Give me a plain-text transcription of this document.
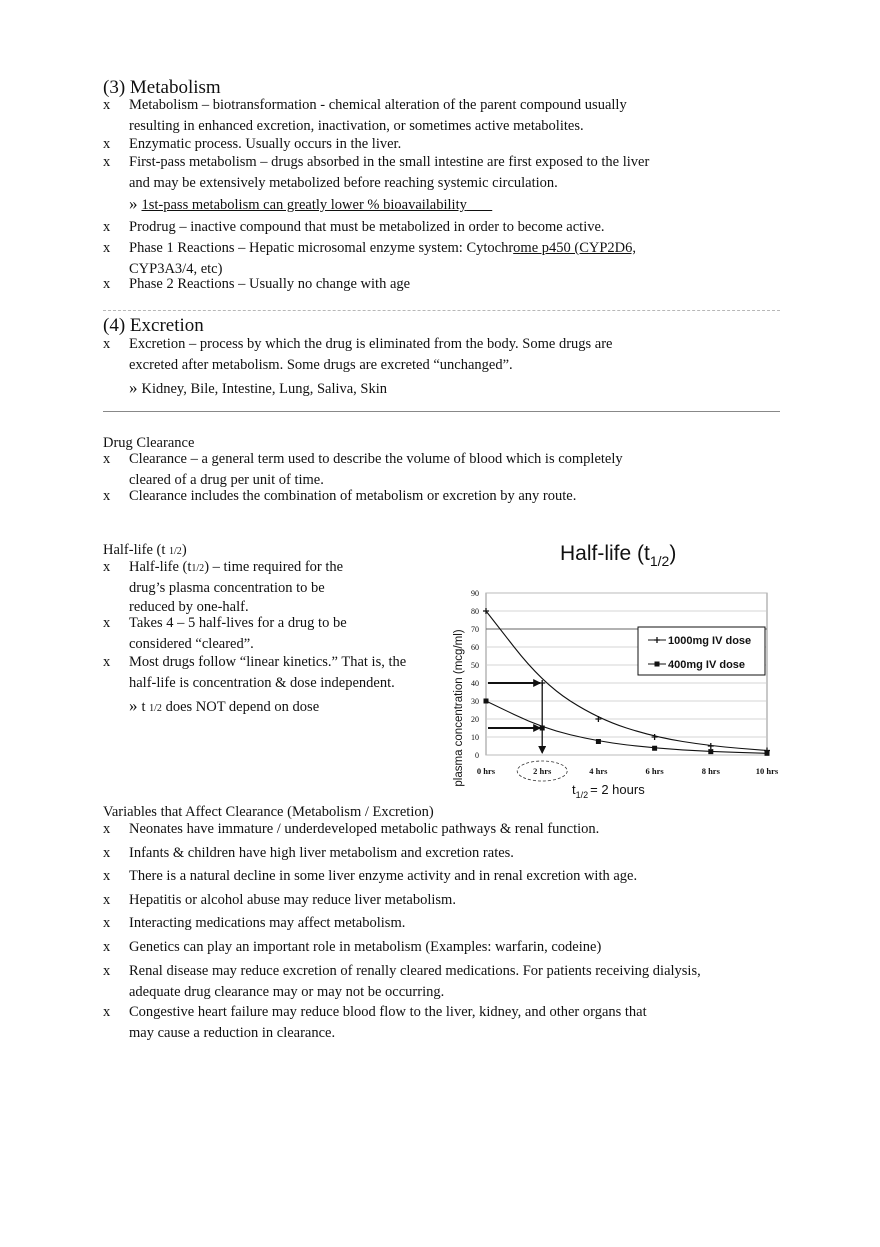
(3) Metabolism
x	Metabolism – biotransformation - chemical alteration of the parent compound usually
resulting in enhanced excretion, inactivation, or sometimes active metabolites.
x	Enzymatic process. Usually occurs in the liver.
x	First-pass metabolism – drugs absorbed in the small intestine are first exposed to the liver
and may be extensively metabolized before reaching systemic circulation.
» 1st-pass metabolism can greatly lower % bioavailability
x	Prodrug – inactive compound that must be metabolized in order to become active.
x	Phase 1 Reactions – Hepatic microsomal enzyme system: Cytochrome p450 (CYP2D6,
CYP3A3/4, etc)
x	Phase 2 Reactions – Usually no change with age
(4) Excretion
x	Excretion – process by which the drug is eliminated from the body. Some drugs are
excreted after metabolism. Some drugs are excreted “unchanged”.
» Kidney, Bile, Intestine, Lung, Saliva, Skin
Drug Clearance
x	Clearance – a general term used to describe the volume of blood which is completely
cleared of a drug per unit of time.
x	Clearance includes the combination of metabolism or excretion by any route.
Half-life (t 1/2)
x	Half-life (t1/2) – time required for the
drug’s plasma concentration to be
reduced by one-half.
x	Takes 4 – 5 half-lives for a drug to be
considered “cleared”.
x	Most drugs follow “linear kinetics.” That is, the
half-life is concentration & dose independent.
» t 1/2 does NOT depend on dose
Half-life $(t_{1/2})$
plasma concentration (mcg/ml) 0
10
20
30
40
50
60
70
80
90
0 hrs	2 hrs	4 hrs	6 hrs	8 hrs	10 hrs
1000mg IV dose
400mg IV dose
$t_{1/2} = 2$ hours
Variables that Affect Clearance (Metabolism / Excretion)
x	Neonates have immature / underdeveloped metabolic pathways & renal function.
x	Infants & children have high liver metabolism and excretion rates.
x	There is a natural decline in some liver enzyme activity and in renal excretion with age.
x	Hepatitis or alcohol abuse may reduce liver metabolism.
x	Interacting medications may affect metabolism.
x	Genetics can play an important role in metabolism (Examples: warfarin, codeine)
x	Renal disease may reduce excretion of renally cleared medications. For patients receiving dialysis,
adequate drug clearance may or may not be occurring.
x	Congestive heart failure may reduce blood flow to the liver, kidney, and other organs that
may cause a reduction in clearance.
